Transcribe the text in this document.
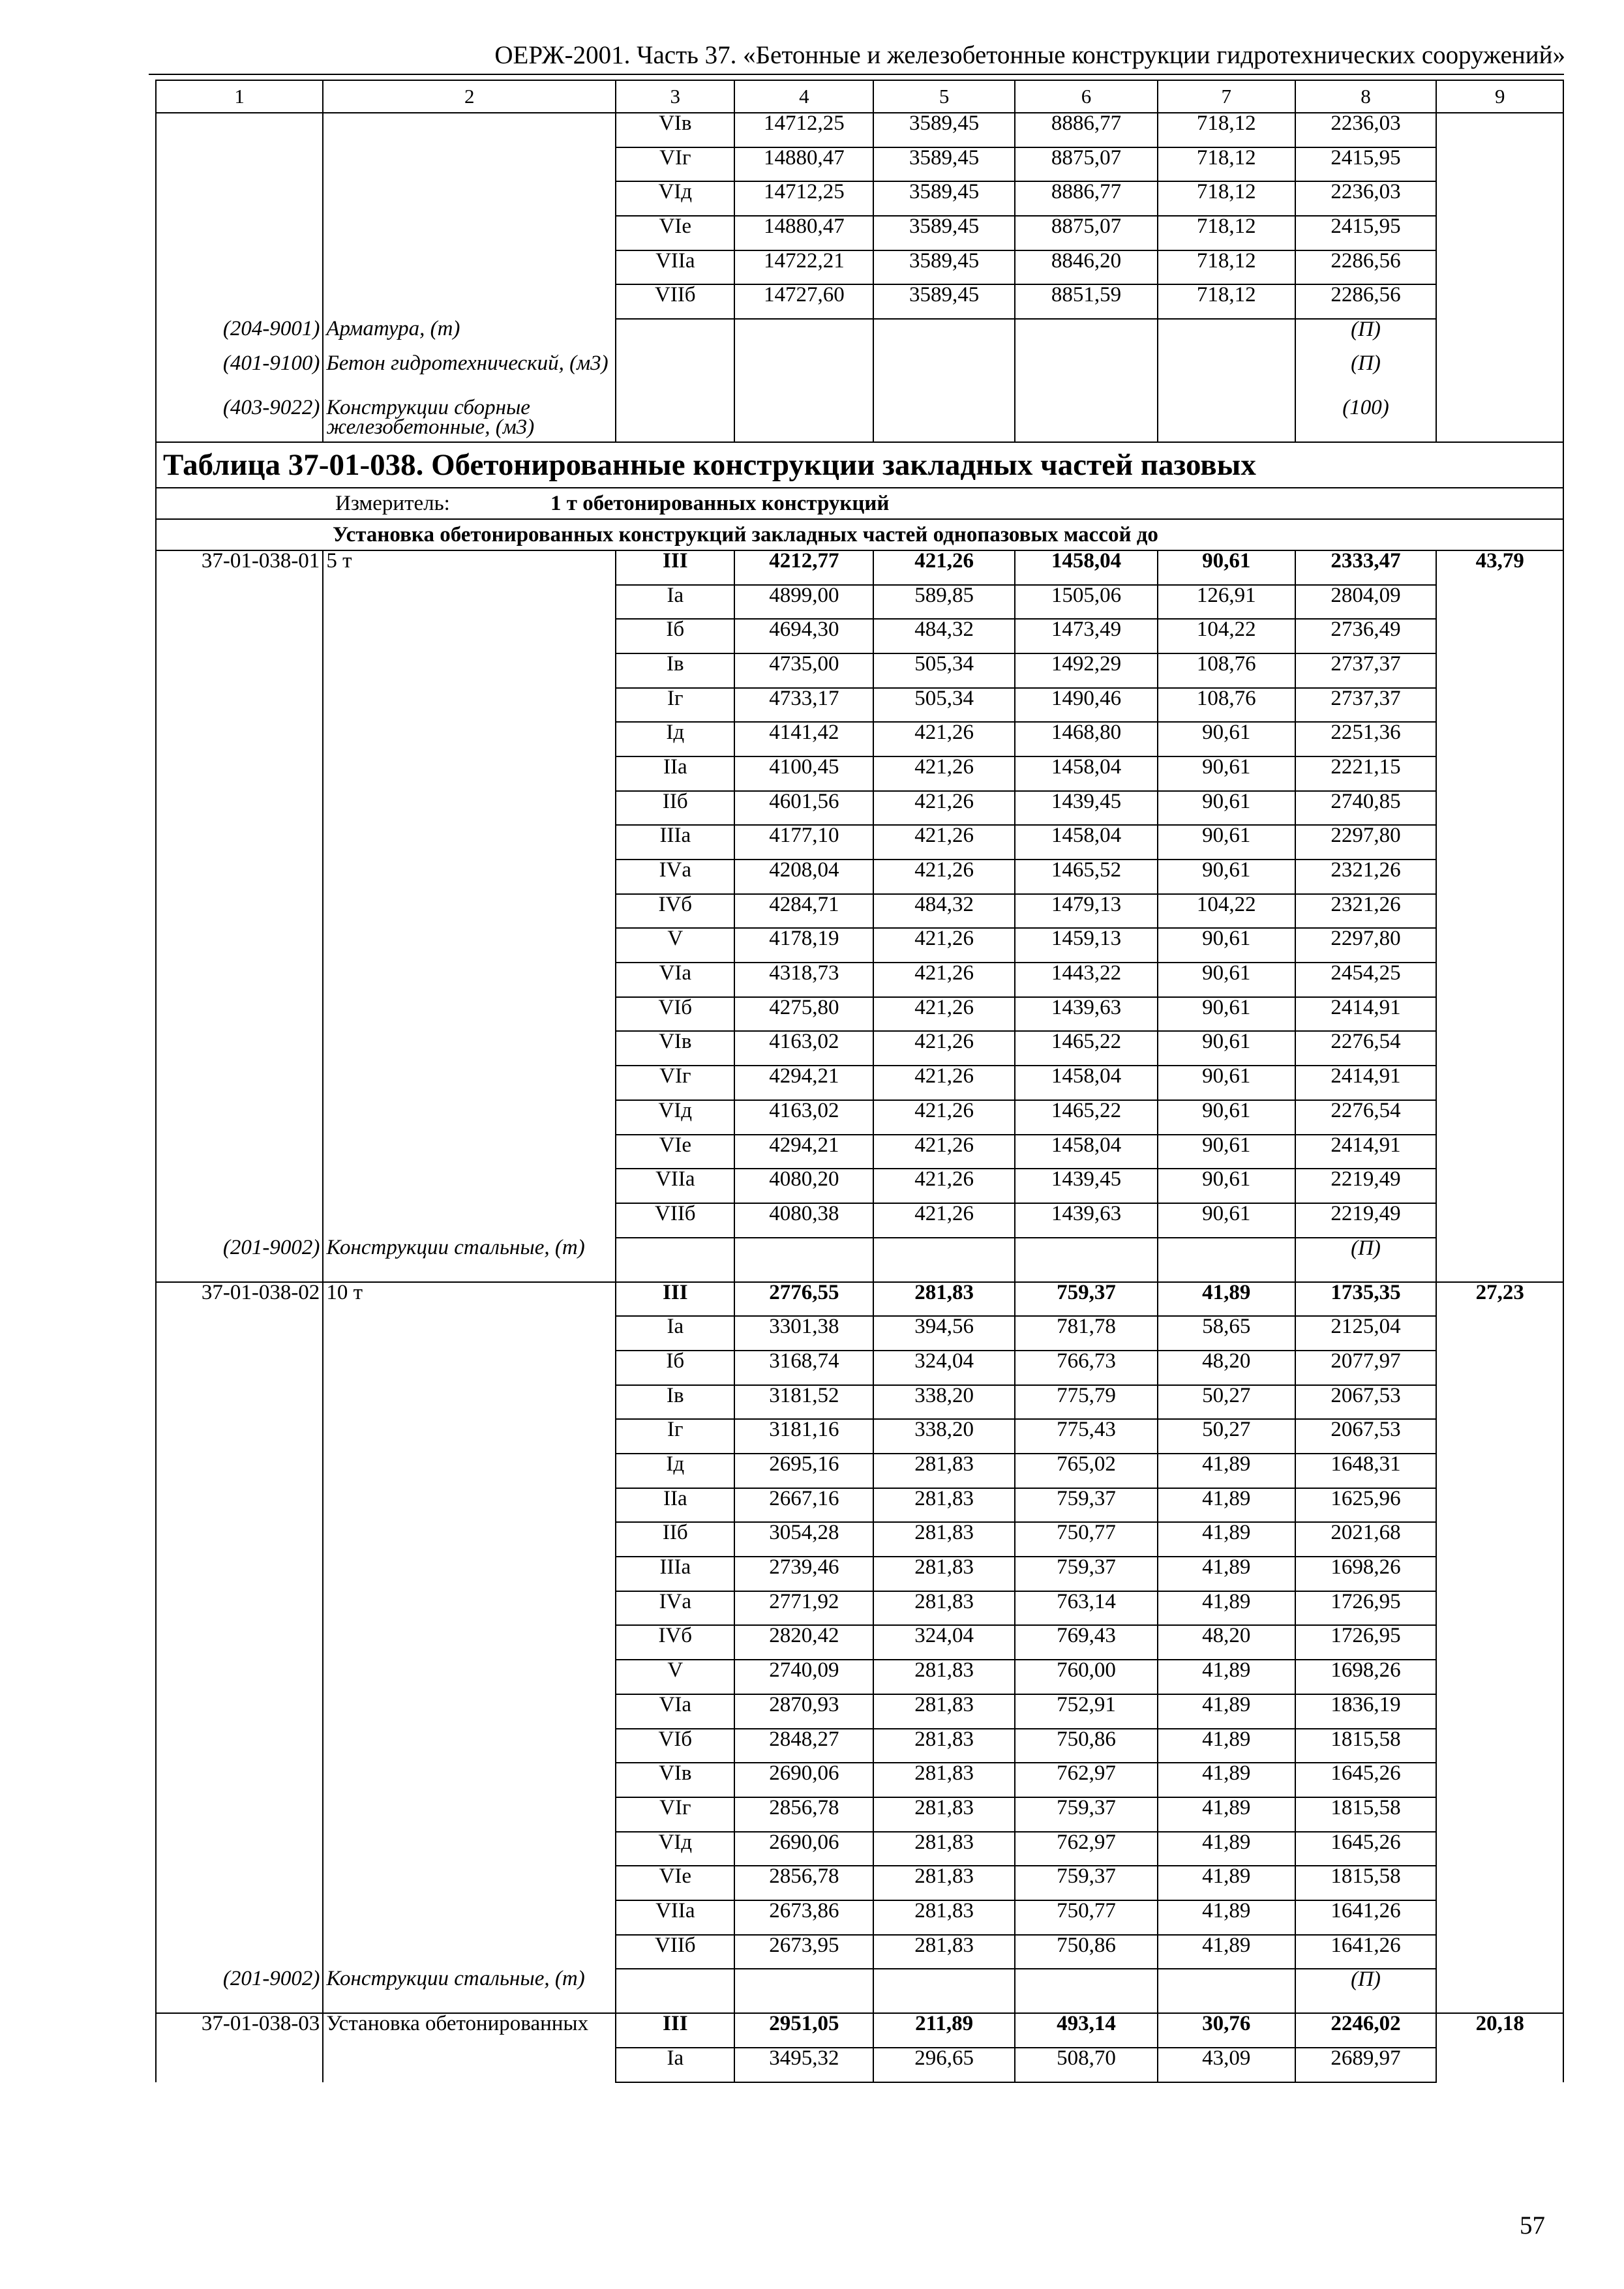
ОЕРЖ-2001. Часть 37. «Бетонные и железобетонные конструкции гидротехнических сооружений»
1	2	3	4	5	6	7	8	9
		VIв	14712,25	3589,45	8886,77	718,12	2236,03	
		VIг	14880,47	3589,45	8875,07	718,12	2415,95	
		VIд	14712,25	3589,45	8886,77	718,12	2236,03	
		VIе	14880,47	3589,45	8875,07	718,12	2415,95	
		VIIа	14722,21	3589,45	8846,20	718,12	2286,56	
		VIIб	14727,60	3589,45	8851,59	718,12	2286,56	
(204-9001)	Арматура, (т)						(П)	
(401-9100)	Бетон гидротехнический, (м3)						(П)	
(403-9022)	Конструкции сборные железобетонные, (м3)						(100)	
Таблица 37-01-038. Обетонированные конструкции закладных частей пазовых								
Измеритель: 1 т обетонированных конструкций								
Установка обетонированных конструкций закладных частей однопазовых массой до								
37-01-038-01	5 т	III	4212,77	421,26	1458,04	90,61	2333,47	43,79
		Iа	4899,00	589,85	1505,06	126,91	2804,09	
		Iб	4694,30	484,32	1473,49	104,22	2736,49	
		Iв	4735,00	505,34	1492,29	108,76	2737,37	
		Iг	4733,17	505,34	1490,46	108,76	2737,37	
		Iд	4141,42	421,26	1468,80	90,61	2251,36	
		IIа	4100,45	421,26	1458,04	90,61	2221,15	
		IIб	4601,56	421,26	1439,45	90,61	2740,85	
		IIIа	4177,10	421,26	1458,04	90,61	2297,80	
		IVа	4208,04	421,26	1465,52	90,61	2321,26	
		IVб	4284,71	484,32	1479,13	104,22	2321,26	
		V	4178,19	421,26	1459,13	90,61	2297,80	
		VIа	4318,73	421,26	1443,22	90,61	2454,25	
		VIб	4275,80	421,26	1439,63	90,61	2414,91	
		VIв	4163,02	421,26	1465,22	90,61	2276,54	
		VIг	4294,21	421,26	1458,04	90,61	2414,91	
		VIд	4163,02	421,26	1465,22	90,61	2276,54	
		VIе	4294,21	421,26	1458,04	90,61	2414,91	
		VIIа	4080,20	421,26	1439,45	90,61	2219,49	
		VIIб	4080,38	421,26	1439,63	90,61	2219,49	
(201-9002)	Конструкции стальные, (т)						(П)	
37-01-038-02	10 т	III	2776,55	281,83	759,37	41,89	1735,35	27,23
		Iа	3301,38	394,56	781,78	58,65	2125,04	
		Iб	3168,74	324,04	766,73	48,20	2077,97	
		Iв	3181,52	338,20	775,79	50,27	2067,53	
		Iг	3181,16	338,20	775,43	50,27	2067,53	
		Iд	2695,16	281,83	765,02	41,89	1648,31	
		IIа	2667,16	281,83	759,37	41,89	1625,96	
		IIб	3054,28	281,83	750,77	41,89	2021,68	
		IIIа	2739,46	281,83	759,37	41,89	1698,26	
		IVа	2771,92	281,83	763,14	41,89	1726,95	
		IVб	2820,42	324,04	769,43	48,20	1726,95	
		V	2740,09	281,83	760,00	41,89	1698,26	
		VIа	2870,93	281,83	752,91	41,89	1836,19	
		VIб	2848,27	281,83	750,86	41,89	1815,58	
		VIв	2690,06	281,83	762,97	41,89	1645,26	
		VIг	2856,78	281,83	759,37	41,89	1815,58	
		VIд	2690,06	281,83	762,97	41,89	1645,26	
		VIе	2856,78	281,83	759,37	41,89	1815,58	
		VIIа	2673,86	281,83	750,77	41,89	1641,26	
		VIIб	2673,95	281,83	750,86	41,89	1641,26	
(201-9002)	Конструкции стальные, (т)						(П)	
37-01-038-03	Установка обетонированных	III	2951,05	211,89	493,14	30,76	2246,02	20,18
		Iа	3495,32	296,65	508,70	43,09	2689,97	
57
